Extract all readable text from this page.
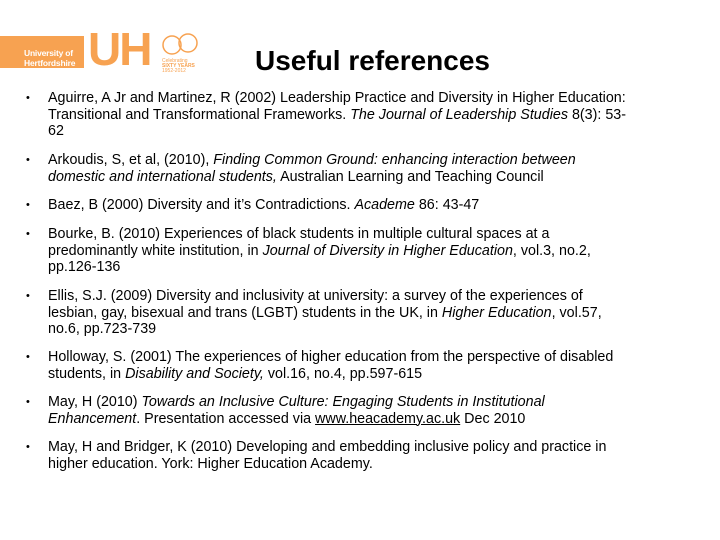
University of
Hertfordshire UH Celebrating
SIXTY YEARS
1952-2012	Useful references
• Aguirre, A Jr and Martinez, R (2002) Leadership Practice and Diversity in Higher Education:
Transitional and Transformational Frameworks. The Journal of Leadership Studies 8(3): 53-
62
• Arkoudis, S, et al, (2010), Finding Common Ground: enhancing interaction between
domestic and international students, Australian Learning and Teaching Council
• Baez, B (2000) Diversity and it’s Contradictions. Academe 86: 43-47
• Bourke, B. (2010) Experiences of black students in multiple cultural spaces at a
predominantly white institution, in Journal of Diversity in Higher Education, vol.3, no.2,
pp.126-136
• Ellis, S.J. (2009) Diversity and inclusivity at university: a survey of the experiences of
lesbian, gay, bisexual and trans (LGBT) students in the UK, in Higher Education, vol.57,
no.6, pp.723-739
• Holloway, S. (2001) The experiences of higher education from the perspective of disabled
students, in Disability and Society, vol.16, no.4, pp.597-615
• May, H (2010) Towards an Inclusive Culture: Engaging Students in Institutional
Enhancement. Presentation accessed via www.heacademy.ac.uk Dec 2010
• May, H and Bridger, K (2010) Developing and embedding inclusive policy and practice in
higher education. York: Higher Education Academy.
